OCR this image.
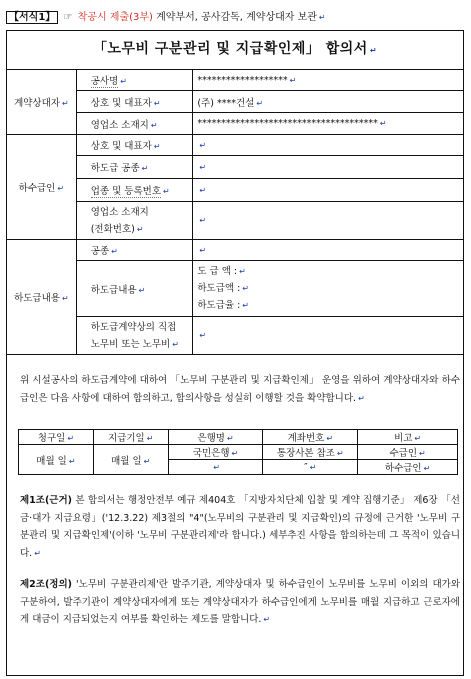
【서식1】 ☞ 착공시 제출(3부) 계약부서, 공사감독, 계약상대자 보관 ↵
「노무비 구분관리 및 지급확인제」 합의서 ↵
계약상대자 ↵	공사명 ↵	******************* ↵
	상호 및 대표자 ↵	(주) ****건설 ↵
	영업소 소재지 ↵	************************************** ↵
하수급인 ↵	상호 및 대표자 ↵	↵
	하도급 공종 ↵	↵
	업종 및 등록번호 ↵	↵

	영업소 소재지
(전화번호) ↵	↵
하도급내용 ↵	공종 ↵	↵
	하도급내용 ↵	도 급 액 : ↵
하도급액 : ↵
하도급율 : ↵

	하도급계약상의 직접
노무비 또는 노무비 ↵	↵
위 시설공사의 하도급계약에 대하여 「노무비 구분관리 및 지급확인제」 운영을 위하여 계약상대자와 하수급인은 다음 사항에 대하여 합의하고, 합의사항을 성실히 이행할 것을 확약합니다. ↵
청구일 ↵	지급기일 ↵	은행명 ↵	계좌번호 ↵	비고 ↵
매월 일 ↵	매월 일 ↵	국민은행 ↵	통장사본 참조 ↵	수급인 ↵
		↵	″ ↵	하수급인 ↵
제1조(근거) 본 합의서는 행정안전부 예규 제404호 「지방자치단체 입찰 및 계약 집행기준」 제6장 「선금·대가 지급요령」('12.3.22) 제3절의 "4"(노무비의 구분관리 및 지급확인)의 규정에 근거한 '노무비 구분관리 및 지급확인제'(이하 '노무비 구분관리제'라 합니다.) 세부추진 사항을 합의하는데 그 목적이 있습니다. ↵
제2조(정의) '노무비 구분관리제'란 발주기관, 계약상대자 및 하수급인이 노무비를 노무비 이외의 대가와 구분하여, 발주기관이 계약상대자에게 또는 계약상대자가 하수급인에게 노무비를 매월 지급하고 근로자에게 대금이 지급되었는지 여부를 확인하는 제도를 말합니다. ↵
